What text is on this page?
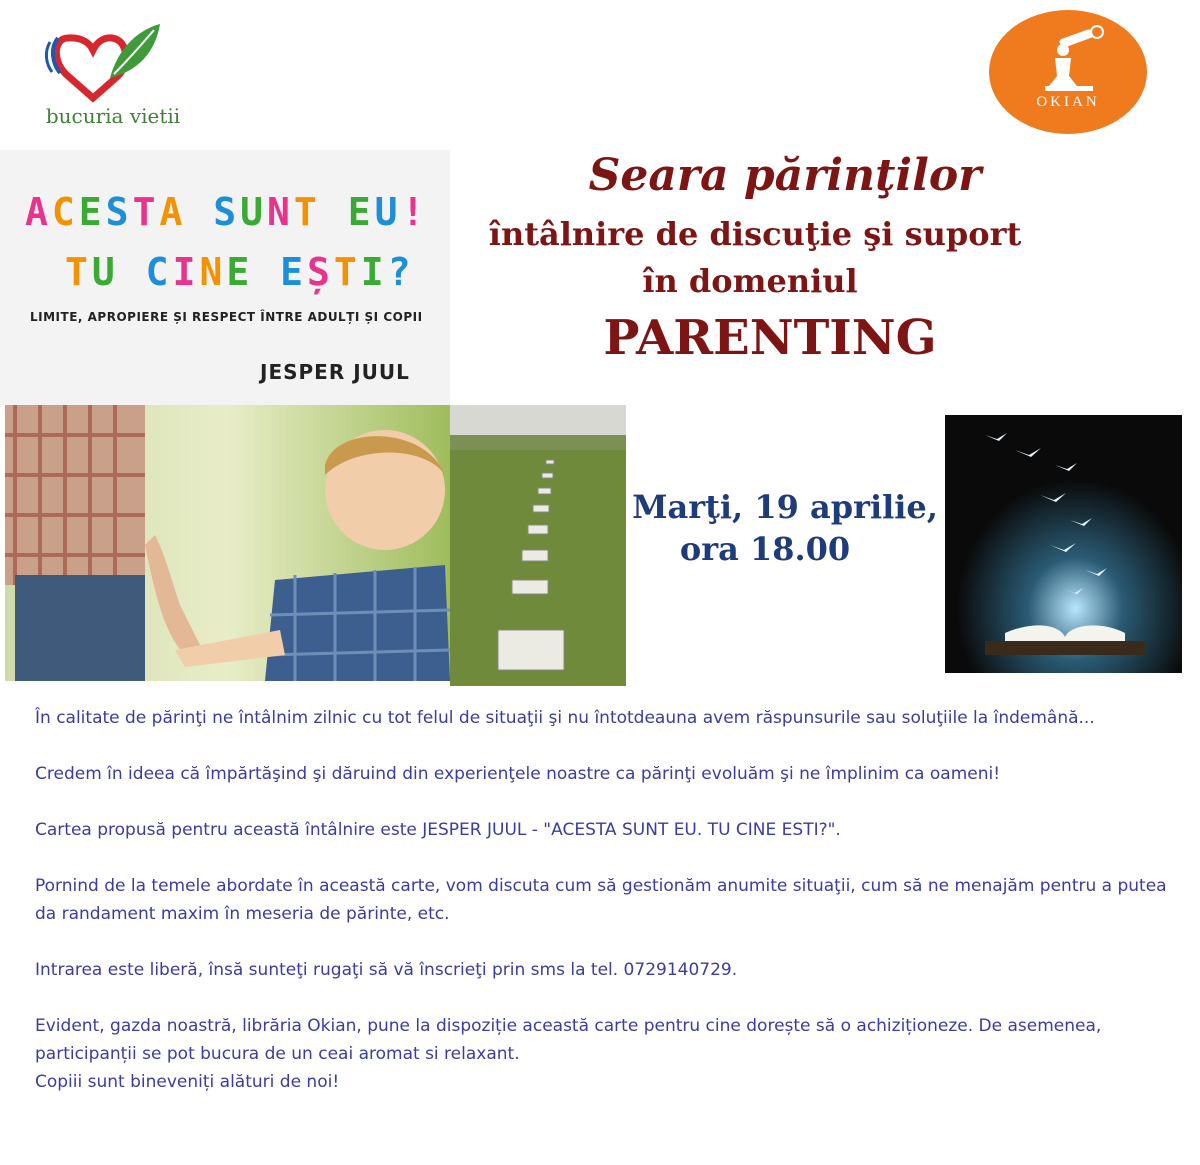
bucuria vietii
OKIAN
ACESTA SUNT EU!
TU CINE EȘTI?
LIMITE, APROPIERE ȘI RESPECT ÎNTRE ADULȚI ȘI COPII
JESPER JUUL
Seara părinţilor
întâlnire de discuţie şi suport
în domeniul
PARENTING
Marţi, 19 aprilie,
ora 18.00

În calitate de părinţi ne întâlnim zilnic cu tot felul de situaţii şi nu întotdeauna avem răspunsurile sau soluţiile la îndemână...

Credem în ideea că împărtăşind şi dăruind din experienţele noastre ca părinţi evoluăm şi ne împlinim ca oameni!

Cartea propusă pentru această întâlnire este JESPER JUUL - "ACESTA SUNT EU. TU CINE ESTI?".

Pornind de la temele abordate în această carte, vom discuta cum să gestionăm anumite situaţii, cum să ne menajăm pentru a putea da randament maxim în meseria de părinte, etc.

Intrarea este liberă, însă sunteţi rugaţi să vă înscrieţi prin sms la tel. 0729140729.

Evident, gazda noastră, librăria Okian, pune la dispoziție această carte pentru cine dorește să o achiziționeze. De asemenea, participanții se pot bucura de un ceai aromat si relaxant.
Copiii sunt bineveniți alături de noi!
